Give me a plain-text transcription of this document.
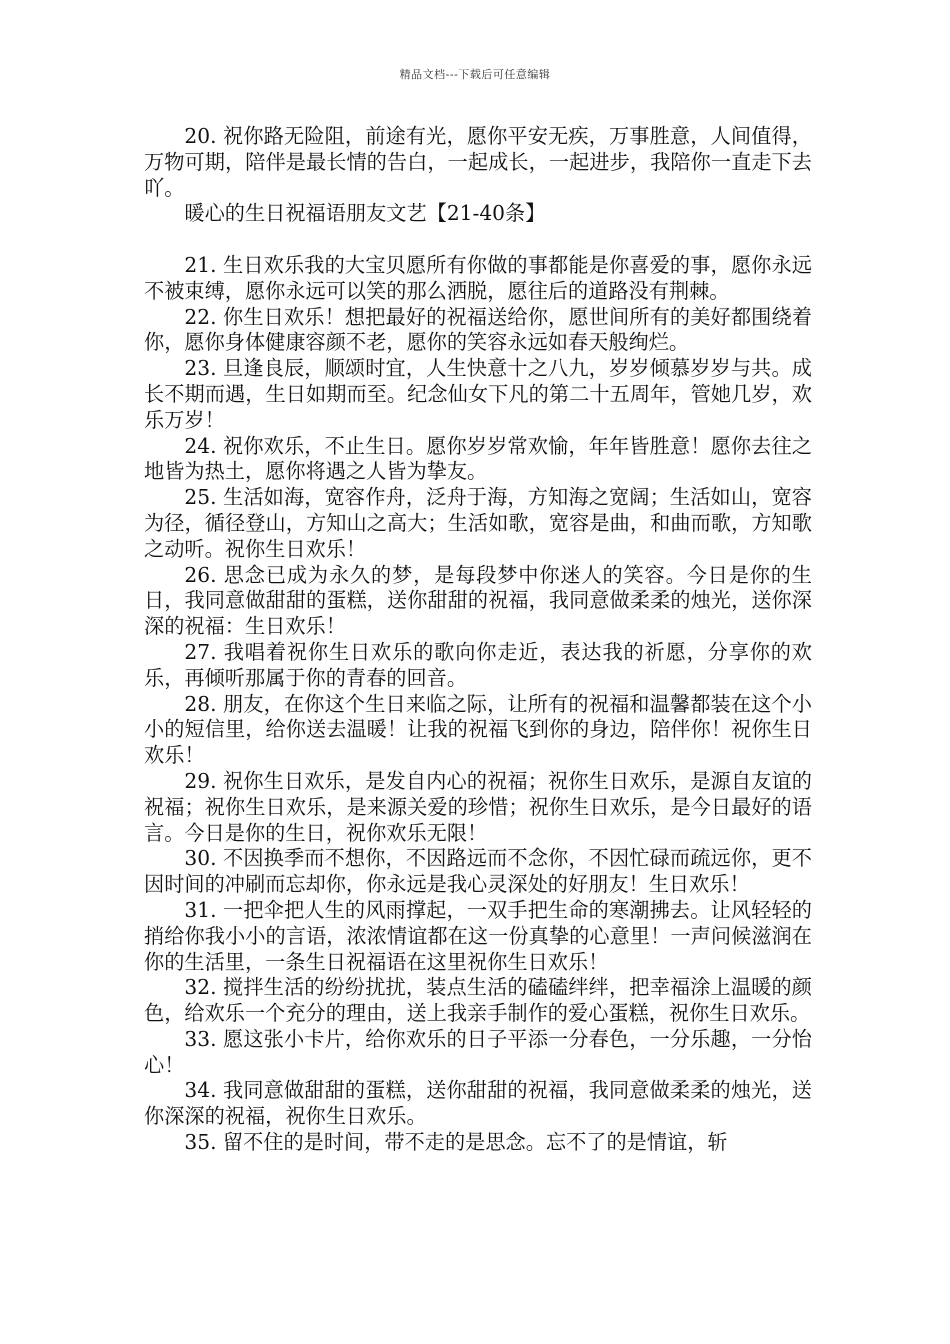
精品文档---下载后可任意编辑

20. 祝你路无险阻，前途有光，愿你平安无疾，万事胜意，人间值得，万物可期，陪伴是最长情的告白，一起成长，一起进步，我陪你一直走下去吖。

暖心的生日祝福语朋友文艺【21-40条】

21. 生日欢乐我的大宝贝愿所有你做的事都能是你喜爱的事，愿你永远不被束缚，愿你永远可以笑的那么洒脱，愿往后的道路没有荆棘。

22. 你生日欢乐！想把最好的祝福送给你，愿世间所有的美好都围绕着你，愿你身体健康容颜不老，愿你的笑容永远如春天般绚烂。

23. 旦逢良辰，顺颂时宜，人生快意十之八九，岁岁倾慕岁岁与共。成长不期而遇，生日如期而至。纪念仙女下凡的第二十五周年，管她几岁，欢乐万岁！

24. 祝你欢乐，不止生日。愿你岁岁常欢愉，年年皆胜意！愿你去往之地皆为热土，愿你将遇之人皆为挚友。

25. 生活如海，宽容作舟，泛舟于海，方知海之宽阔；生活如山，宽容为径，循径登山，方知山之高大；生活如歌，宽容是曲，和曲而歌，方知歌之动听。祝你生日欢乐！

26. 思念已成为永久的梦，是每段梦中你迷人的笑容。今日是你的生日，我同意做甜甜的蛋糕，送你甜甜的祝福，我同意做柔柔的烛光，送你深深的祝福：生日欢乐！

27. 我唱着祝你生日欢乐的歌向你走近，表达我的祈愿，分享你的欢乐，再倾听那属于你的青春的回音。

28. 朋友，在你这个生日来临之际，让所有的祝福和温馨都装在这个小小的短信里，给你送去温暖！让我的祝福飞到你的身边，陪伴你！祝你生日欢乐！

29. 祝你生日欢乐，是发自内心的祝福；祝你生日欢乐，是源自友谊的祝福；祝你生日欢乐，是来源关爱的珍惜；祝你生日欢乐，是今日最好的语言。今日是你的生日，祝你欢乐无限！

30. 不因换季而不想你，不因路远而不念你，不因忙碌而疏远你，更不因时间的冲刷而忘却你，你永远是我心灵深处的好朋友！生日欢乐！

31. 一把伞把人生的风雨撑起，一双手把生命的寒潮拂去。让风轻轻的捎给你我小小的言语，浓浓情谊都在这一份真挚的心意里！一声问候滋润在你的生活里，一条生日祝福语在这里祝你生日欢乐！

32. 搅拌生活的纷纷扰扰，装点生活的磕磕绊绊，把幸福涂上温暖的颜色，给欢乐一个充分的理由，送上我亲手制作的爱心蛋糕，祝你生日欢乐。

33. 愿这张小卡片，给你欢乐的日子平添一分春色，一分乐趣，一分怡心！

34. 我同意做甜甜的蛋糕，送你甜甜的祝福，我同意做柔柔的烛光，送你深深的祝福，祝你生日欢乐。

35. 留不住的是时间，带不走的是思念。忘不了的是情谊，斩
